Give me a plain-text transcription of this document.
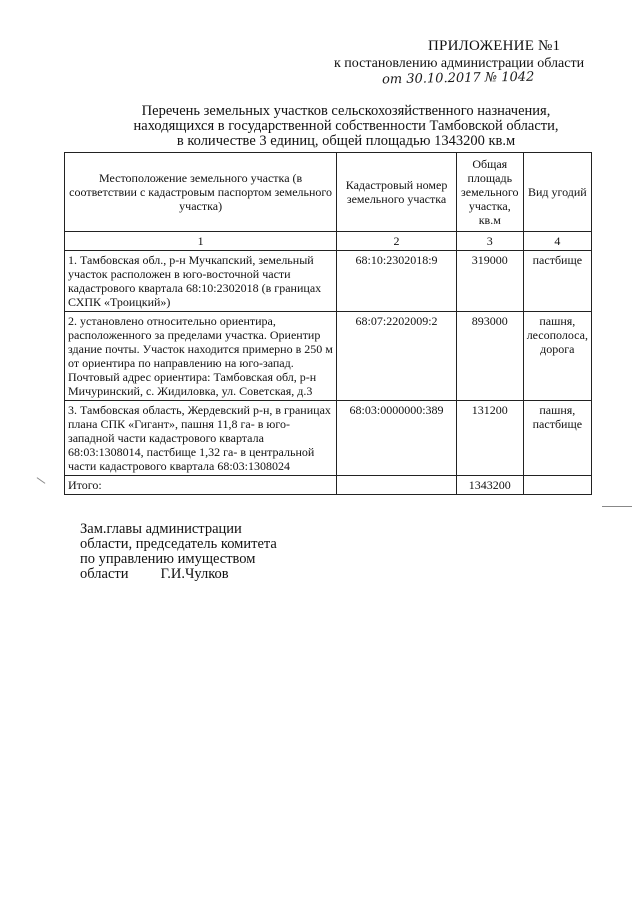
ПРИЛОЖЕНИЕ №1
к постановлению администрации области
от 30.10.2017 № 1042
Перечень земельных участков сельскохозяйственного назначения,
находящихся в государственной собственности Тамбовской области,
в количестве 3 единиц, общей площадью 1343200 кв.м
Местоположение земельного участка (в соответствии с кадастровым паспортом земельного участка)	Кадастровый номер земельного участка	Общая площадь земельного участка, кв.м	Вид угодий
1	2	3	4
1. Тамбовская обл., р-н Мучкапский, земельный участок расположен в юго-восточной части кадастрового квартала 68:10:2302018 (в границах СХПК «Троицкий»)	68:10:2302018:9	319000	пастбище
2. установлено относительно ориентира, расположенного за пределами участка. Ориентир здание почты. Участок находится примерно в 250 м от ориентира по направлению на юго-запад. Почтовый адрес ориентира: Тамбовская обл, р-н Мичуринский, с. Жидиловка, ул. Советская, д.3	68:07:2202009:2	893000	пашня, лесополоса, дорога
3. Тамбовская область, Жердевский р-н, в границах плана СПК «Гигант», пашня 11,8 га- в юго-западной части кадастрового квартала 68:03:1308014, пастбище 1,32 га- в центральной части кадастрового квартала 68:03:1308024	68:03:0000000:389	131200	пашня, пастбище
Итого:		1343200	
Зам.главы администрации
области, председатель комитета
по управлению имуществом
области Г.И.Чулков
